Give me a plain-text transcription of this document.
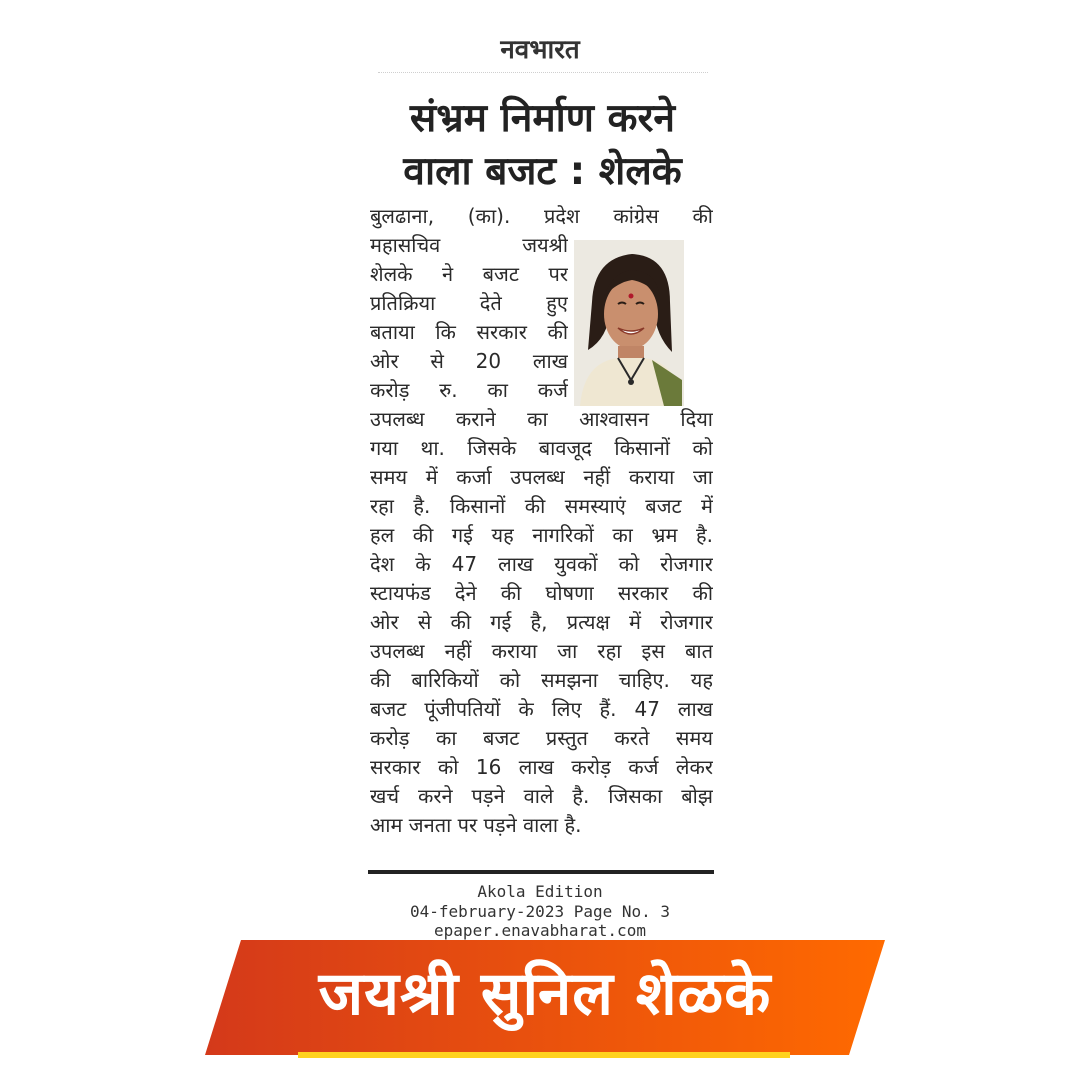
नवभारत
संभ्रम निर्माण करने
वाला बजट : शेलके
बुलढाना, (का). प्रदेश कांग्रेस की
महासचिव जयश्री
शेलके ने बजट पर
प्रतिक्रिया देते हुए
बताया कि सरकार की
ओर से 20 लाख
करोड़ रु. का कर्ज
उपलब्ध कराने का आश्वासन दिया
गया था. जिसके बावजूद किसानों को
समय में कर्जा उपलब्ध नहीं कराया जा
रहा है. किसानों की समस्याएं बजट में
हल की गई यह नागरिकों का भ्रम है.
देश के 47 लाख युवकों को रोजगार
स्टायफंड देने की घोषणा सरकार की
ओर से की गई है, प्रत्यक्ष में रोजगार
उपलब्ध नहीं कराया जा रहा इस बात
की बारिकियों को समझना चाहिए. यह
बजट पूंजीपतियों के लिए हैं. 47 लाख
करोड़ का बजट प्रस्तुत करते समय
सरकार को 16 लाख करोड़ कर्ज लेकर
खर्च करने पड़ने वाले है. जिसका बोझ
आम जनता पर पड़ने वाला है.
Akola Edition
04-february-2023 Page No. 3
epaper.enavabharat.com
जयश्री सुनिल शेळके
